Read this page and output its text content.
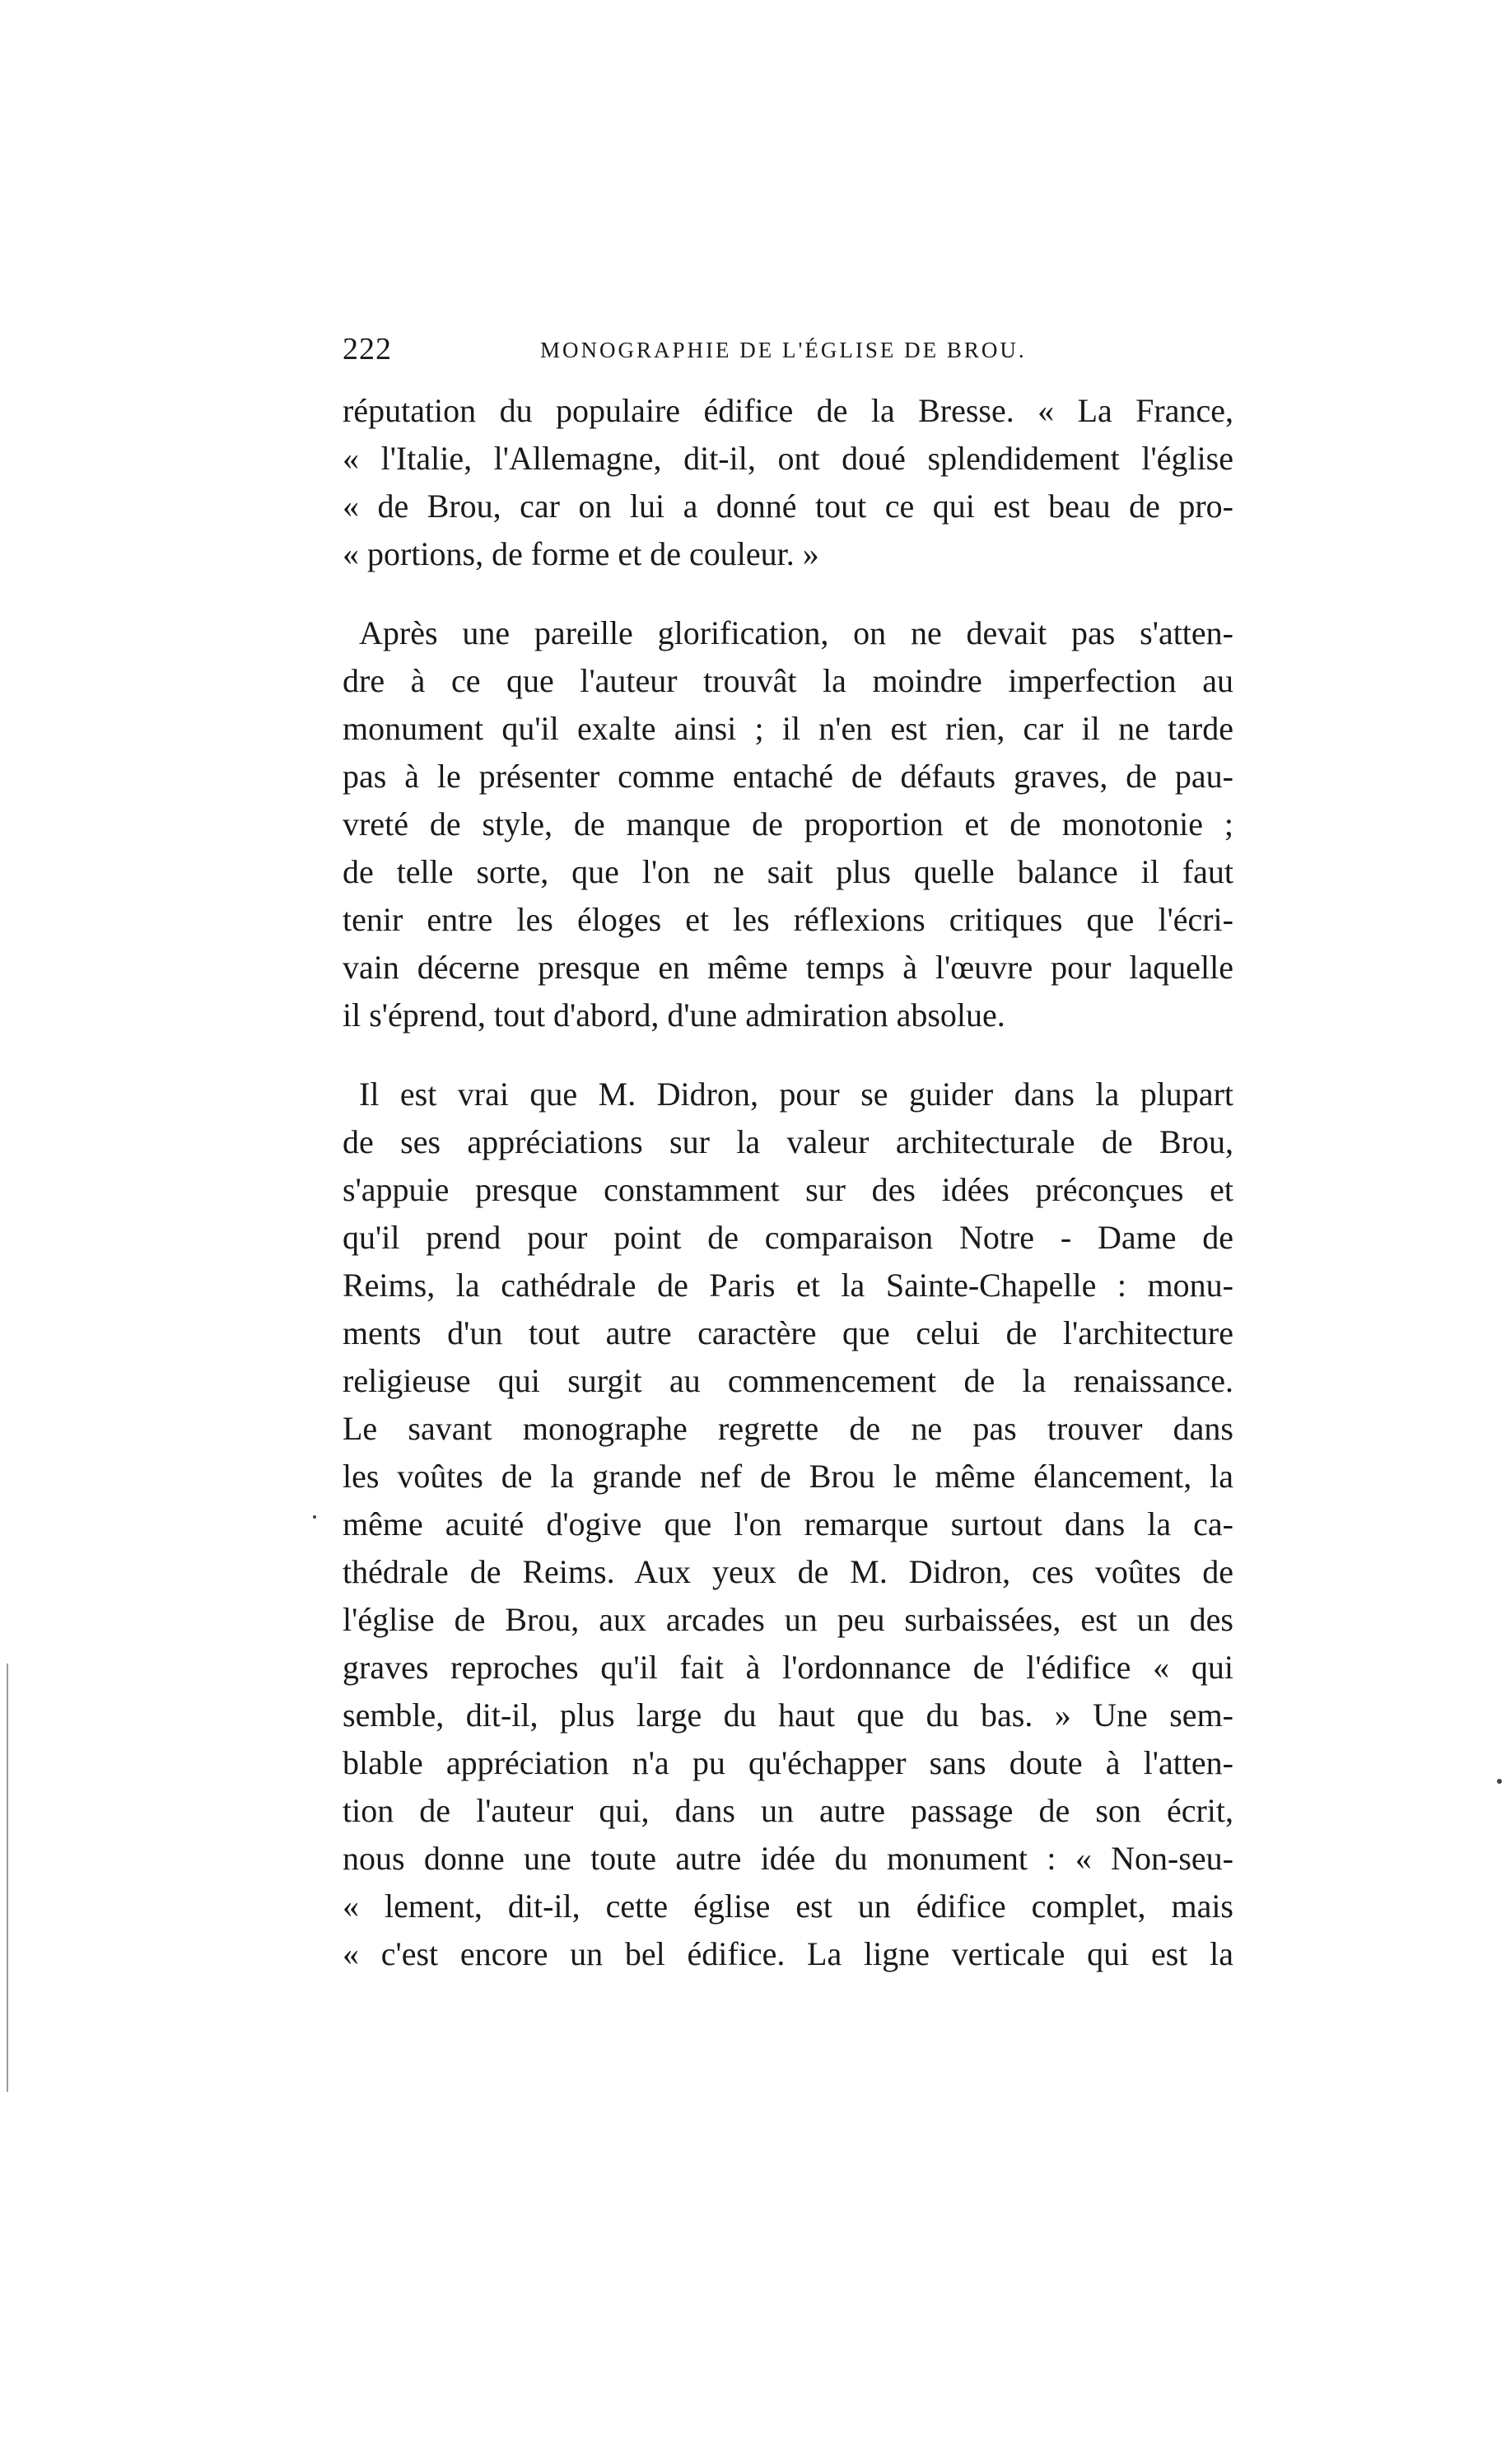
222	MONOGRAPHIE DE L'ÉGLISE DE BROU.
réputation du populaire édifice de la Bresse. « La France,
« l'Italie, l'Allemagne, dit-il, ont doué splendidement l'église
« de Brou, car on lui a donné tout ce qui est beau de pro-
« portions, de forme et de couleur. »
Après une pareille glorification, on ne devait pas s'atten-
dre à ce que l'auteur trouvât la moindre imperfection au
monument qu'il exalte ainsi ; il n'en est rien, car il ne tarde
pas à le présenter comme entaché de défauts graves, de pau-
vreté de style, de manque de proportion et de monotonie ;
de telle sorte, que l'on ne sait plus quelle balance il faut
tenir entre les éloges et les réflexions critiques que l'écri-
vain décerne presque en même temps à l'œuvre pour laquelle
il s'éprend, tout d'abord, d'une admiration absolue.
Il est vrai que M. Didron, pour se guider dans la plupart
de ses appréciations sur la valeur architecturale de Brou,
s'appuie presque constamment sur des idées préconçues et
qu'il prend pour point de comparaison Notre - Dame de
Reims, la cathédrale de Paris et la Sainte-Chapelle : monu-
ments d'un tout autre caractère que celui de l'architecture
religieuse qui surgit au commencement de la renaissance.
Le savant monographe regrette de ne pas trouver dans
les voûtes de la grande nef de Brou le même élancement, la
même acuité d'ogive que l'on remarque surtout dans la ca-
thédrale de Reims. Aux yeux de M. Didron, ces voûtes de
l'église de Brou, aux arcades un peu surbaissées, est un des
graves reproches qu'il fait à l'ordonnance de l'édifice « qui
semble, dit-il, plus large du haut que du bas. » Une sem-
blable appréciation n'a pu qu'échapper sans doute à l'atten-
tion de l'auteur qui, dans un autre passage de son écrit,
nous donne une toute autre idée du monument : « Non-seu-
« lement, dit-il, cette église est un édifice complet, mais
« c'est encore un bel édifice. La ligne verticale qui est la
